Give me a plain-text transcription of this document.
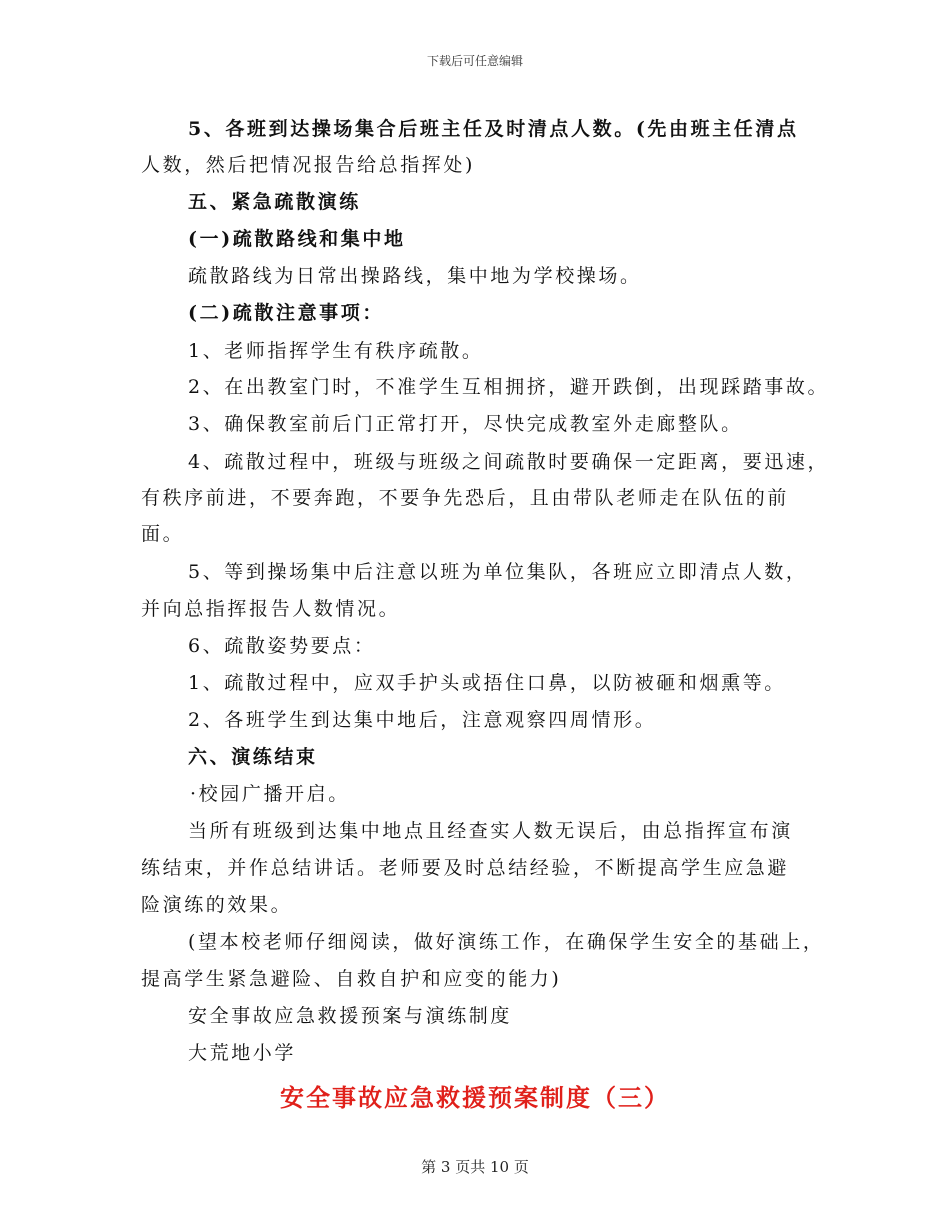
下载后可任意编辑
5、各班到达操场集合后班主任及时清点人数。(先由班主任清点
人数，然后把情况报告给总指挥处)
五、紧急疏散演练
(一)疏散路线和集中地
疏散路线为日常出操路线，集中地为学校操场。
(二)疏散注意事项：
1、老师指挥学生有秩序疏散。
2、在出教室门时，不准学生互相拥挤，避开跌倒，出现踩踏事故。
3、确保教室前后门正常打开，尽快完成教室外走廊整队。
4、疏散过程中，班级与班级之间疏散时要确保一定距离，要迅速，
有秩序前进，不要奔跑，不要争先恐后，且由带队老师走在队伍的前
面。
5、等到操场集中后注意以班为单位集队，各班应立即清点人数，
并向总指挥报告人数情况。
6、疏散姿势要点：
1、疏散过程中，应双手护头或捂住口鼻，以防被砸和烟熏等。
2、各班学生到达集中地后，注意观察四周情形。
六、演练结束
·校园广播开启。
当所有班级到达集中地点且经查实人数无误后，由总指挥宣布演
练结束，并作总结讲话。老师要及时总结经验，不断提高学生应急避
险演练的效果。
(望本校老师仔细阅读，做好演练工作，在确保学生安全的基础上，
提高学生紧急避险、自救自护和应变的能力)
安全事故应急救援预案与演练制度
大荒地小学
安全事故应急救援预案制度（三）
第 3 页共 10 页
